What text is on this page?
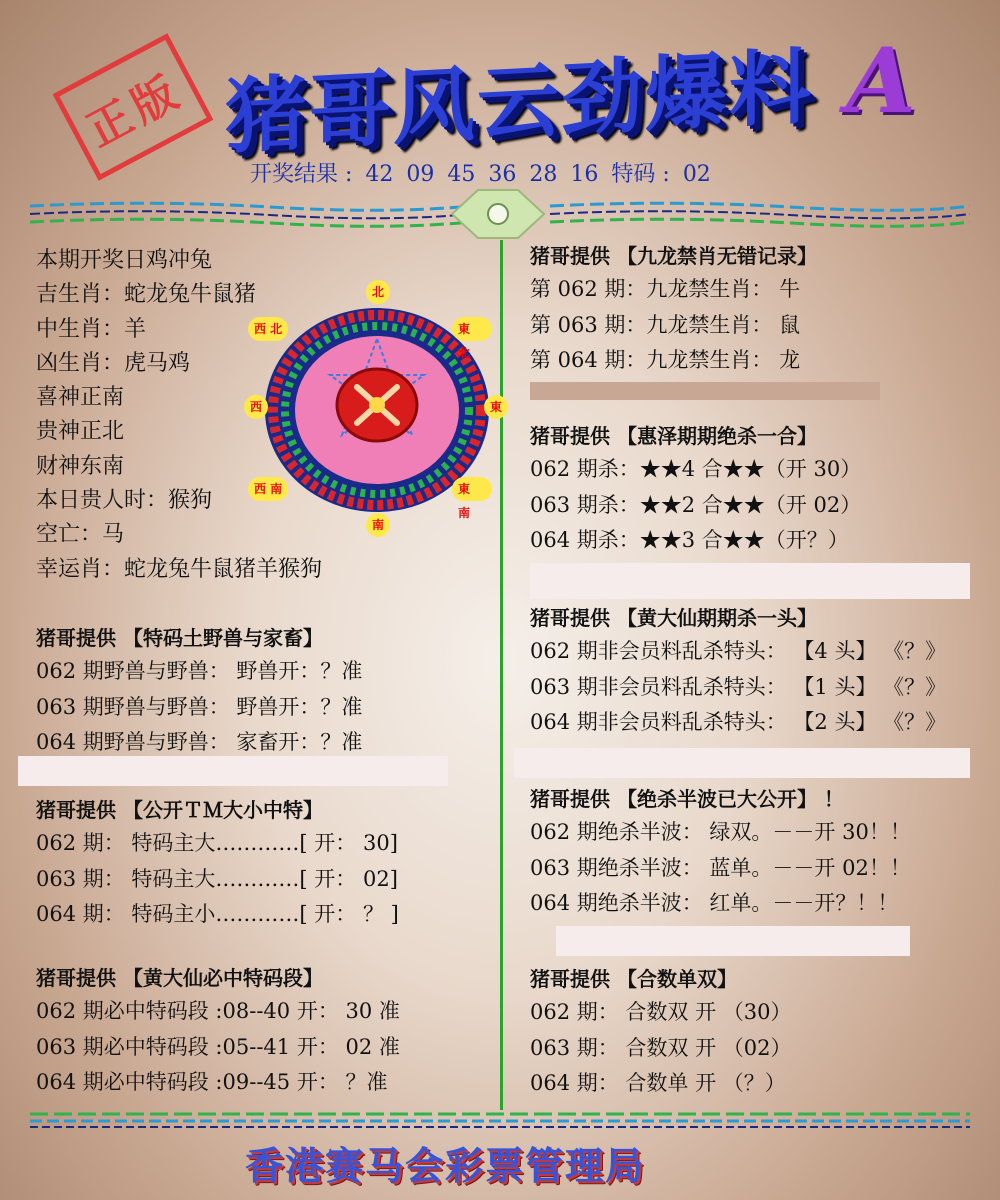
正版 猪哥风云劲爆料 A
开奖结果 : 42 09 45 36 28 16 特码 : 02
本期开奖日鸡冲兔
吉生肖：蛇龙兔牛鼠猪
中生肖：羊
凶生肖：虎马鸡
喜神正南
贵神正北
财神东南
本日贵人时：猴狗
空亡：马
幸运肖：蛇龙兔牛鼠猪羊猴狗
北
南
東
西
西 北	東 北
西 南	東 南
猪哥提供 【特码土野兽与家畜】
062 期野兽与野兽： 野兽开：？准
063 期野兽与野兽： 野兽开：？准
064 期野兽与野兽： 家畜开：？准
猪哥提供 【公开ＴＭ大小中特】
062 期： 特码主大…………[ 开： 30]
063 期： 特码主大…………[ 开： 02]
064 期： 特码主小…………[ 开： ？ ]
猪哥提供 【黄大仙必中特码段】
062 期必中特码段 :08--40 开： 30 准
063 期必中特码段 :05--41 开： 02 准
064 期必中特码段 :09--45 开： ？准
猪哥提供 【九龙禁肖无错记录】
第 062 期：九龙禁生肖： 牛
第 063 期：九龙禁生肖： 鼠
第 064 期：九龙禁生肖： 龙
猪哥提供 【惠泽期期绝杀一合】
062 期杀：★★4 合★★（开 30）
063 期杀：★★2 合★★（开 02）
064 期杀：★★3 合★★（开？）
猪哥提供 【黄大仙期期杀一头】
062 期非会员料乱杀特头： 【4 头】 《？》
063 期非会员料乱杀特头： 【1 头】 《？》
064 期非会员料乱杀特头： 【2 头】 《？》
猪哥提供 【绝杀半波已大公开】 ！
062 期绝杀半波： 绿双。－－开 30！！
063 期绝杀半波： 蓝单。－－开 02！！
064 期绝杀半波： 红单。－－开？！！
猪哥提供 【合数单双】
062 期： 合数双 开 （30）
063 期： 合数双 开 （02）
064 期： 合数单 开 （？）
香港赛马会彩票管理局
